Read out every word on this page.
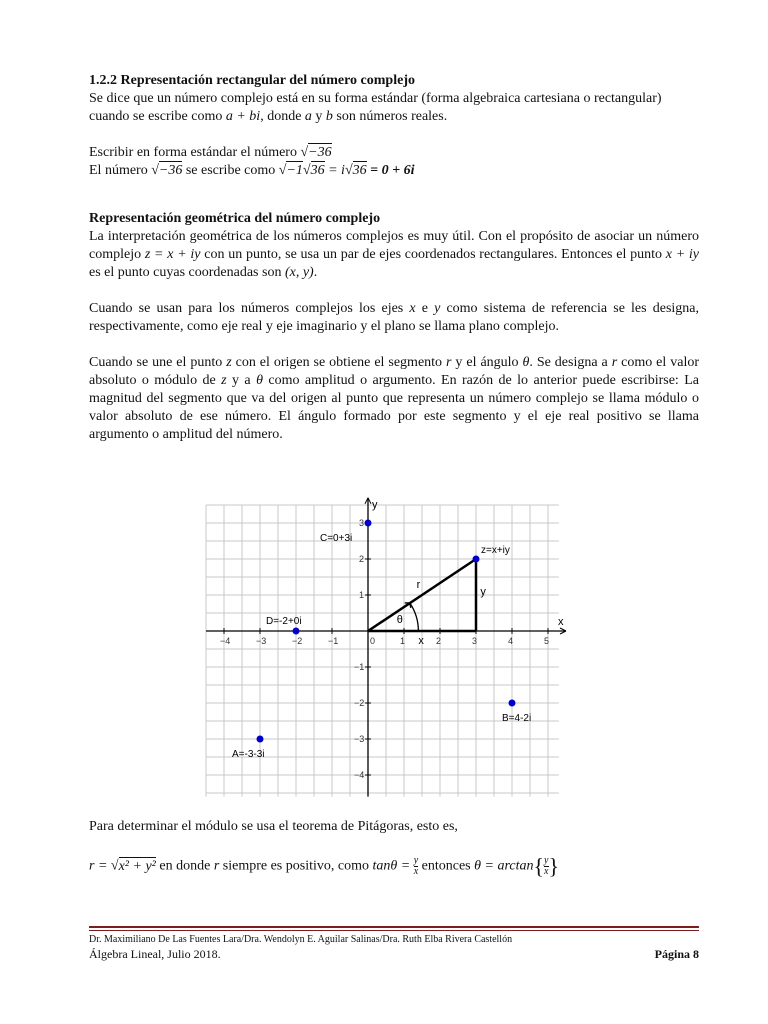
1.2.2 Representación rectangular del número complejo

Se dice que un número complejo está en su forma estándar (forma algebraica cartesiana o rectangular) cuando se escribe como a + bi, donde a y b son números reales.

Escribir en forma estándar el número √−36

El número √−36 se escribe como √−1√36 = i√36 = 0 + 6i

Representación geométrica del número complejo

La interpretación geométrica de los números complejos es muy útil. Con el propósito de asociar un número complejo z = x + iy con un punto, se usa un par de ejes coordenados rectangulares. Entonces el punto x + iy es el punto cuyas coordenadas son (x, y).

Cuando se usan para los números complejos los ejes x e y como sistema de referencia se les designa, respectivamente, como eje real y eje imaginario y el plano se llama plano complejo.

Cuando se une el punto z con el origen se obtiene el segmento r y el ángulo θ. Se designa a r como el valor absoluto o módulo de z y a θ como amplitud o argumento. En razón de lo anterior puede escribirse: La magnitud del segmento que va del origen al punto que representa un número complejo se llama módulo o valor absoluto de ese número. El ángulo formado por este segmento y el eje real positivo se llama argumento o amplitud del número.

x
y
−4	−3	−2	−1	0	1	2	3	4	5
3
2
1
−1
−2
−3
−4
r
y
x
θ
C=0+3i
z=x+iy
D=-2+0i
B=4-2i
A=-3-3i

Para determinar el módulo se usa el teorema de Pitágoras, esto es,

r = √x² + y² en donde r siempre es positivo, como $\tan\theta = \frac{y}{x}$ entonces $\theta = \arctan\{ \frac{y}{x}$ }

Dr. Maximiliano De Las Fuentes Lara/Dra. Wendolyn E. Aguilar Salinas/Dra. Ruth Elba Rivera Castellón
Álgebra Lineal, Julio 2018.	Página 8
